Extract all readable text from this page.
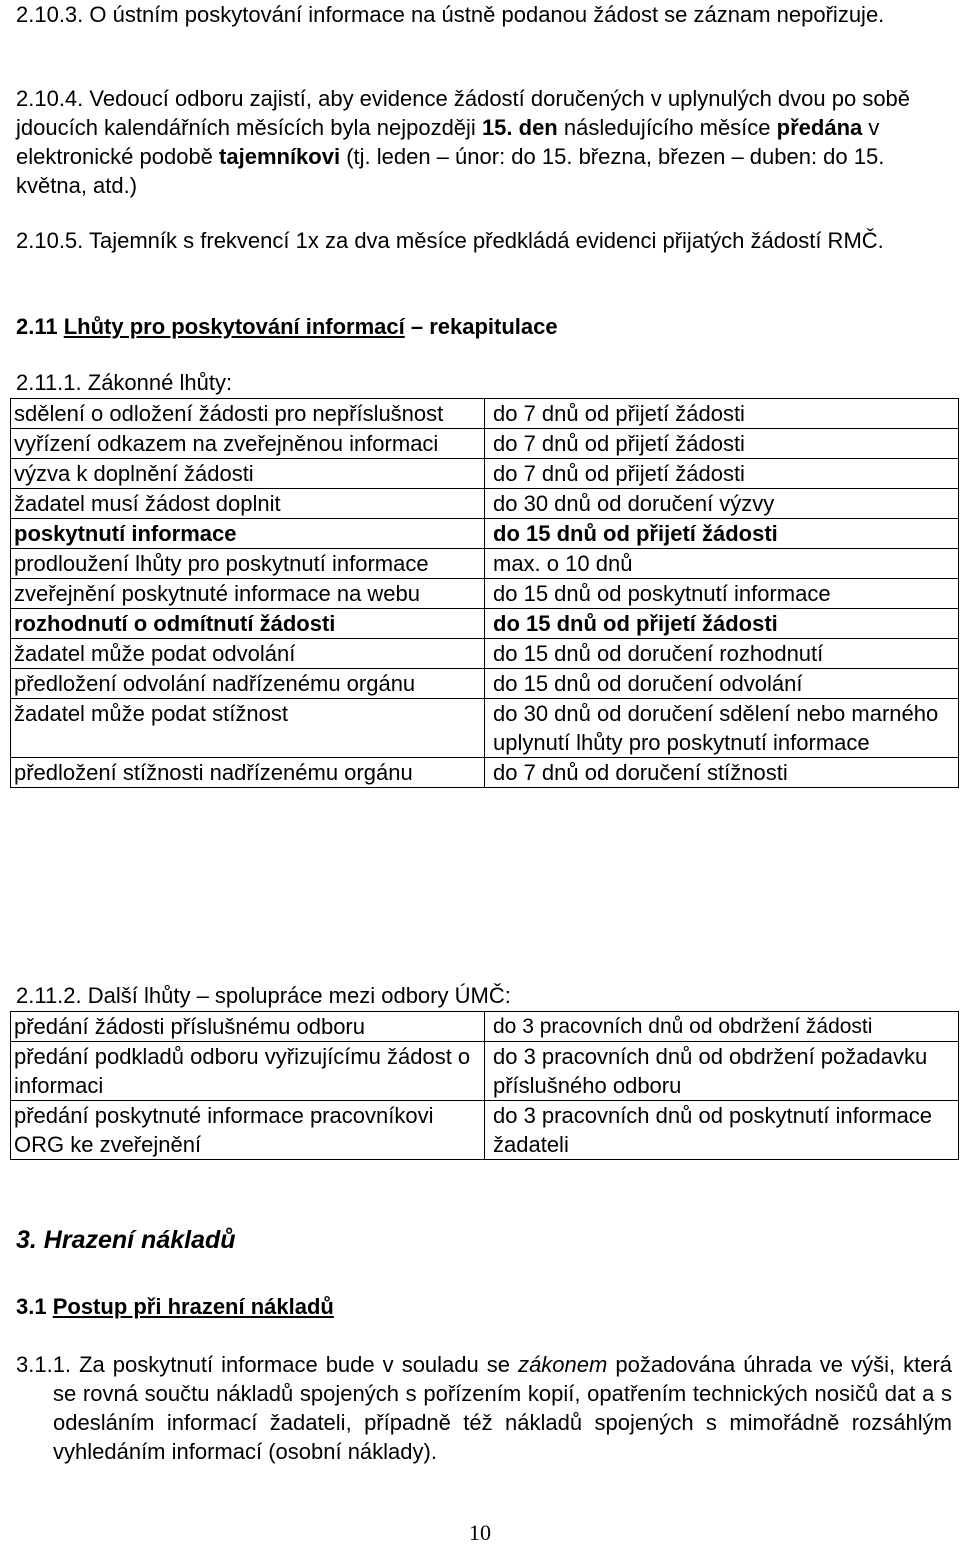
2.10.3. O ústním poskytování informace na ústně podanou žádost se záznam nepořizuje.

2.10.4. Vedoucí odboru zajistí, aby evidence žádostí doručených v uplynulých dvou po sobě jdoucích kalendářních měsících byla nejpozději 15. den následujícího měsíce předána v elektronické podobě tajemníkovi (tj. leden – únor: do 15. března, březen – duben: do 15. května, atd.)

2.10.5. Tajemník s frekvencí 1x za dva měsíce předkládá evidenci přijatých žádostí RMČ.

2.11 Lhůty pro poskytování informací – rekapitulace

2.11.1. Zákonné lhůty:

sdělení o odložení žádosti pro nepříslušnost	do 7 dnů od přijetí žádosti
vyřízení odkazem na zveřejněnou informaci	do 7 dnů od přijetí žádosti
výzva k doplnění žádosti	do 7 dnů od přijetí žádosti
žadatel musí žádost doplnit	do 30 dnů od doručení výzvy
poskytnutí informace	do 15 dnů od přijetí žádosti
prodloužení lhůty pro poskytnutí informace	max. o 10 dnů
zveřejnění poskytnuté informace na webu	do 15 dnů od poskytnutí informace
rozhodnutí o odmítnutí žádosti	do 15 dnů od přijetí žádosti
žadatel může podat odvolání	do 15 dnů od doručení rozhodnutí
předložení odvolání nadřízenému orgánu	do 15 dnů od doručení odvolání
žadatel může podat stížnost	do 30 dnů od doručení sdělení nebo marného uplynutí lhůty pro poskytnutí informace
předložení stížnosti nadřízenému orgánu	do 7 dnů od doručení stížnosti

2.11.2. Další lhůty – spolupráce mezi odbory ÚMČ:

předání žádosti příslušnému odboru	do 3 pracovních dnů od obdržení žádosti
předání podkladů odboru vyřizujícímu žádost o informaci	do 3 pracovních dnů od obdržení požadavku příslušného odboru
předání poskytnuté informace pracovníkovi ORG ke zveřejnění	do 3 pracovních dnů od poskytnutí informace žadateli
3. Hrazení nákladů
3.1 Postup při hrazení nákladů

3.1.1. Za poskytnutí informace bude v souladu se zákonem požadována úhrada ve výši, která se rovná součtu nákladů spojených s pořízením kopií, opatřením technických nosičů dat a s odesláním informací žadateli, případně též nákladů spojených s mimořádně rozsáhlým vyhledáním informací (osobní náklady).

10
